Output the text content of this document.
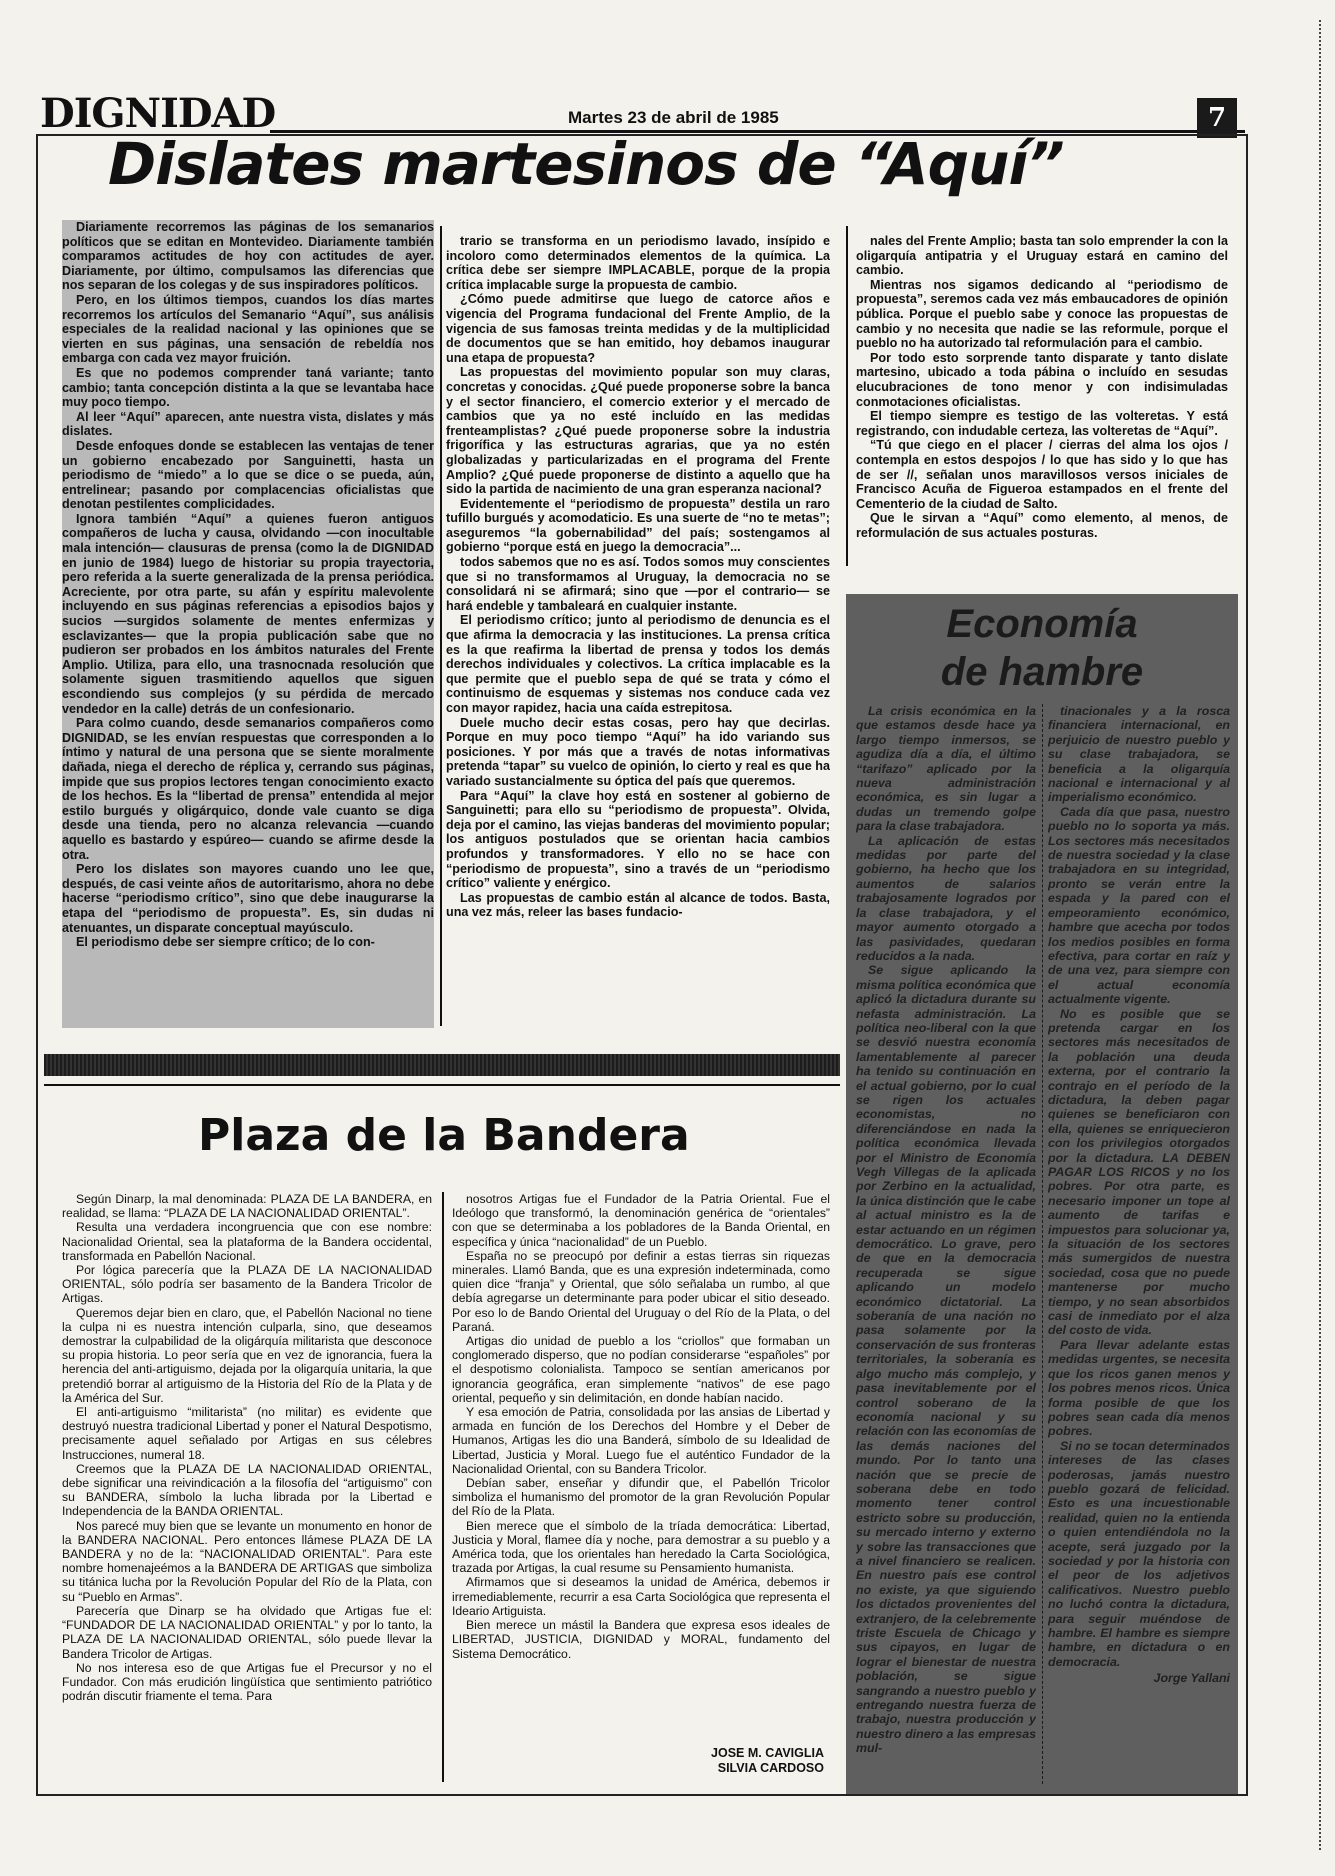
DIGNIDAD	Martes 23 de abril de 1985	7
Dislates martesinos de “Aquí”

Diariamente recorremos las páginas de los semanarios políticos que se editan en Montevideo. Diariamente también comparamos actitudes de hoy con actitudes de ayer. Diariamente, por último, compulsamos las diferencias que nos separan de los colegas y de sus inspiradores políticos.

Pero, en los últimos tiempos, cuandos los días martes recorremos los artículos del Semanario “Aquí”, sus análisis especiales de la realidad nacional y las opiniones que se vierten en sus páginas, una sensación de rebeldía nos embarga con cada vez mayor fruición.

Es que no podemos comprender taná variante; tanto cambio; tanta concepción distinta a la que se levantaba hace muy poco tiempo.

Al leer “Aquí” aparecen, ante nuestra vista, dislates y más dislates.

Desde enfoques donde se establecen las ventajas de tener un gobierno encabezado por Sanguinetti, hasta un periodismo de “miedo” a lo que se dice o se pueda, aún, entrelinear; pasando por complacencias oficialistas que denotan pestilentes complicidades.

Ignora también “Aquí” a quienes fueron antiguos compañeros de lucha y causa, olvidando —con inocultable mala intención— clausuras de prensa (como la de DIGNIDAD en junio de 1984) luego de historiar su propia trayectoria, pero referida a la suerte generalizada de la prensa periódica. Acreciente, por otra parte, su afán y espíritu malevolente incluyendo en sus páginas referencias a episodios bajos y sucios —surgidos solamente de mentes enfermizas y esclavizantes— que la propia publicación sabe que no pudieron ser probados en los ámbitos naturales del Frente Amplio. Utiliza, para ello, una trasnocnada resolución que solamente siguen trasmitiendo aquellos que siguen escondiendo sus complejos (y su pérdida de mercado vendedor en la calle) detrás de un confesionario.

Para colmo cuando, desde semanarios compañeros como DIGNIDAD, se les envían respuestas que corresponden a lo íntimo y natural de una persona que se siente moralmente dañada, niega el derecho de réplica y, cerrando sus páginas, impide que sus propios lectores tengan conocimiento exacto de los hechos. Es la “libertad de prensa” entendida al mejor estilo burgués y oligárquico, donde vale cuanto se diga desde una tienda, pero no alcanza relevancia —cuando aquello es bastardo y espúreo— cuando se afirme desde la otra.

Pero los dislates son mayores cuando uno lee que, después, de casi veinte años de autoritarismo, ahora no debe hacerse “periodismo crítico”, sino que debe inaugurarse la etapa del “periodismo de propuesta”. Es, sin dudas ni atenuantes, un disparate conceptual mayúsculo.

El periodismo debe ser siempre crítico; de lo con-

trario se transforma en un periodismo lavado, insípido e incoloro como determinados elementos de la química. La crítica debe ser siempre IMPLACABLE, porque de la propia crítica implacable surge la propuesta de cambio.

¿Cómo puede admitirse que luego de catorce años e vigencia del Programa fundacional del Frente Amplio, de la vigencia de sus famosas treinta medidas y de la multiplicidad de documentos que se han emitido, hoy debamos inaugurar una etapa de propuesta?

Las propuestas del movimiento popular son muy claras, concretas y conocidas. ¿Qué puede proponerse sobre la banca y el sector financiero, el comercio exterior y el mercado de cambios que ya no esté incluído en las medidas frenteamplistas? ¿Qué puede proponerse sobre la industria frigorífica y las estructuras agrarias, que ya no estén globalizadas y particularizadas en el programa del Frente Amplio? ¿Qué puede proponerse de distinto a aquello que ha sido la partida de nacimiento de una gran esperanza nacional?

Evidentemente el “periodismo de propuesta” destila un raro tufillo burgués y acomodaticio. Es una suerte de “no te metas”; aseguremos “la gobernabilidad” del país; sostengamos al gobierno “porque está en juego la democracia”...

todos sabemos que no es así. Todos somos muy conscientes que si no transformamos al Uruguay, la democracia no se consolidará ni se afirmará; sino que —por el contrario— se hará endeble y tambaleará en cualquier instante.

El periodismo crítico; junto al periodismo de denuncia es el que afirma la democracia y las instituciones. La prensa crítica es la que reafirma la libertad de prensa y todos los demás derechos individuales y colectivos. La crítica implacable es la que permite que el pueblo sepa de qué se trata y cómo el continuismo de esquemas y sistemas nos conduce cada vez con mayor rapidez, hacia una caída estrepitosa.

Duele mucho decir estas cosas, pero hay que decirlas. Porque en muy poco tiempo “Aquí” ha ido variando sus posiciones. Y por más que a través de notas informativas pretenda “tapar” su vuelco de opinión, lo cierto y real es que ha variado sustancialmente su óptica del país que queremos.

Para “Aquí” la clave hoy está en sostener al gobierno de Sanguinetti; para ello su “periodismo de propuesta”. Olvida, deja por el camino, las viejas banderas del movimiento popular; los antiguos postulados que se orientan hacia cambios profundos y transformadores. Y ello no se hace con “periodismo de propuesta”, sino a través de un “periodismo crítico” valiente y enérgico.

Las propuestas de cambio están al alcance de todos. Basta, una vez más, releer las bases fundacio-

nales del Frente Amplio; basta tan solo emprender la con la oligarquía antipatria y el Uruguay estará en camino del cambio.

Mientras nos sigamos dedicando al “periodismo de propuesta”, seremos cada vez más embaucadores de opinión pública. Porque el pueblo sabe y conoce las propuestas de cambio y no necesita que nadie se las reformule, porque el pueblo no ha autorizado tal reformulación para el cambio.

Por todo esto sorprende tanto disparate y tanto dislate martesino, ubicado a toda pábina o incluído en sesudas elucubraciones de tono menor y con indisimuladas conmotaciones oficialistas.

El tiempo siempre es testigo de las volteretas. Y está registrando, con indudable certeza, las volteretas de “Aquí”.

“Tú que ciego en el placer / cierras del alma los ojos / contempla en estos despojos / lo que has sido y lo que has de ser //, señalan unos maravillosos versos iniciales de Francisco Acuña de Figueroa estampados en el frente del Cementerio de la ciudad de Salto.

Que le sirvan a “Aquí” como elemento, al menos, de reformulación de sus actuales posturas.

Economía
de hambre

La crisis económica en la que estamos desde hace ya largo tiempo inmersos, se agudiza día a día, el último “tarifazo” aplicado por la nueva administración económica, es sin lugar a dudas un tremendo golpe para la clase trabajadora.

La aplicación de estas medidas por parte del gobierno, ha hecho que los aumentos de salarios trabajosamente logrados por la clase trabajadora, y el mayor aumento otorgado a las pasividades, quedaran reducidos a la nada.

Se sigue aplicando la misma política económica que aplicó la dictadura durante su nefasta administración. La política neo-liberal con la que se desvió nuestra economía lamentablemente al parecer ha tenido su continuación en el actual gobierno, por lo cual se rigen los actuales economistas, no diferenciándose en nada la política económica llevada por el Ministro de Economía Vegh Villegas de la aplicada por Zerbino en la actualidad, la única distinción que le cabe al actual ministro es la de estar actuando en un régimen democrático. Lo grave, pero de que en la democracia recuperada se sigue aplicando un modelo económico dictatorial. La soberanía de una nación no pasa solamente por la conservación de sus fronteras territoriales, la soberanía es algo mucho más complejo, y pasa inevitablemente por el control soberano de la economía nacional y su relación con las economías de las demás naciones del mundo. Por lo tanto una nación que se precie de soberana debe en todo momento tener control estricto sobre su producción, su mercado interno y externo y sobre las transacciones que a nivel financiero se realicen. En nuestro país ese control no existe, ya que siguiendo los dictados provenientes del extranjero, de la celebremente triste Escuela de Chicago y sus cipayos, en lugar de lograr el bienestar de nuestra población, se sigue sangrando a nuestro pueblo y entregando nuestra fuerza de trabajo, nuestra producción y nuestro dinero a las empresas mul-

tinacionales y a la rosca financiera internacional, en perjuicio de nuestro pueblo y su clase trabajadora, se beneficia a la oligarquía nacional e internacional y al imperialismo económico.

Cada día que pasa, nuestro pueblo no lo soporta ya más. Los sectores más necesitados de nuestra sociedad y la clase trabajadora en su integridad, pronto se verán entre la espada y la pared con el empeoramiento económico, hambre que acecha por todos los medios posibles en forma efectiva, para cortar en raíz y de una vez, para siempre con el actual economía actualmente vigente.

No es posible que se pretenda cargar en los sectores más necesitados de la población una deuda externa, por el contrario la contrajo en el período de la dictadura, la deben pagar quienes se beneficiaron con ella, quienes se enriquecieron con los privilegios otorgados por la dictadura. LA DEBEN PAGAR LOS RICOS y no los pobres. Por otra parte, es necesario imponer un tope al aumento de tarifas e impuestos para solucionar ya, la situación de los sectores más sumergidos de nuestra sociedad, cosa que no puede mantenerse por mucho tiempo, y no sean absorbidos casi de inmediato por el alza del costo de vida.

Para llevar adelante estas medidas urgentes, se necesita que los ricos ganen menos y los pobres menos ricos. Única forma posible de que los pobres sean cada día menos pobres.

Si no se tocan determinados intereses de las clases poderosas, jamás nuestro pueblo gozará de felicidad. Esto es una incuestionable realidad, quien no la entienda o quien entendiéndola no la acepte, será juzgado por la sociedad y por la historia con el peor de los adjetivos calificativos. Nuestro pueblo no luchó contra la dictadura, para seguir muéndose de hambre. El hambre es siempre hambre, en dictadura o en democracia.

Jorge Yallani

Plaza de la Bandera

Según Dinarp, la mal denominada: PLAZA DE LA BANDERA, en realidad, se llama: “PLAZA DE LA NACIONALIDAD ORIENTAL”.

Resulta una verdadera incongruencia que con ese nombre: Nacionalidad Oriental, sea la plataforma de la Bandera occidental, transformada en Pabellón Nacional.

Por lógica parecería que la PLAZA DE LA NACIONALIDAD ORIENTAL, sólo podría ser basamento de la Bandera Tricolor de Artigas.

Queremos dejar bien en claro, que, el Pabellón Nacional no tiene la culpa ni es nuestra intención culparla, sino, que deseamos demostrar la culpabilidad de la oligárquía militarista que desconoce su propia historia. Lo peor sería que en vez de ignorancia, fuera la herencia del anti-artiguismo, dejada por la oligarquía unitaria, la que pretendió borrar al artiguismo de la Historia del Río de la Plata y de la América del Sur.

El anti-artiguismo “militarista” (no militar) es evidente que destruyó nuestra tradicional Libertad y poner el Natural Despotismo, precisamente aquel señalado por Artigas en sus célebres Instrucciones, numeral 18.

Creemos que la PLAZA DE LA NACIONALIDAD ORIENTAL, debe significar una reivindicación a la filosofía del “artiguismo” con su BANDERA, símbolo la lucha librada por la Libertad e Independencia de la BANDA ORIENTAL.

Nos parecé muy bien que se levante un monumento en honor de la BANDERA NACIONAL. Pero entonces llámese PLAZA DE LA BANDERA y no de la: “NACIONALIDAD ORIENTAL”. Para este nombre homenajeémos a la BANDERA DE ARTIGAS que simboliza su titánica lucha por la Revolución Popular del Río de la Plata, con su “Pueblo en Armas”.

Parecería que Dinarp se ha olvidado que Artigas fue el: “FUNDADOR DE LA NACIONALIDAD ORIENTAL” y por lo tanto, la PLAZA DE LA NACIONALIDAD ORIENTAL, sólo puede llevar la Bandera Tricolor de Artigas.

No nos interesa eso de que Artigas fue el Precursor y no el Fundador. Con más erudición lingüística que sentimiento patriótico podrán discutir friamente el tema. Para

nosotros Artigas fue el Fundador de la Patria Oriental. Fue el Ideólogo que transformó, la denominación genérica de “orientales” con que se determinaba a los pobladores de la Banda Oriental, en específica y única “nacionalidad” de un Pueblo.

España no se preocupó por definir a estas tierras sin riquezas minerales. Llamó Banda, que es una expresión indeterminada, como quien dice “franja” y Oriental, que sólo señalaba un rumbo, al que debía agregarse un determinante para poder ubicar el sitio deseado. Por eso lo de Bando Oriental del Uruguay o del Río de la Plata, o del Paraná.

Artigas dio unidad de pueblo a los “criollos” que formaban un conglomerado disperso, que no podían considerarse “españoles” por el despotismo colonialista. Tampoco se sentían americanos por ignorancia geográfica, eran simplemente “nativos” de ese pago oriental, pequeño y sin delimitación, en donde habían nacido.

Y esa emoción de Patria, consolidada por las ansias de Libertad y armada en función de los Derechos del Hombre y el Deber de Humanos, Artigas les dio una Banderá, símbolo de su Idealidad de Libertad, Justicia y Moral. Luego fue el auténtico Fundador de la Nacionalidad Oriental, con su Bandera Tricolor.

Debían saber, enseñar y difundir que, el Pabellón Tricolor simboliza el humanismo del promotor de la gran Revolución Popular del Río de la Plata.

Bien merece que el símbolo de la tríada democrática: Libertad, Justicia y Moral, flamee día y noche, para demostrar a su pueblo y a América toda, que los orientales han heredado la Carta Sociológica, trazada por Artigas, la cual resume su Pensamiento humanista.

Afirmamos que si deseamos la unidad de América, debemos ir irremediablemente, recurrir a esa Carta Sociológica que representa el Ideario Artiguista.

Bien merece un mástil la Bandera que expresa esos ideales de LIBERTAD, JUSTICIA, DIGNIDAD y MORAL, fundamento del Sistema Democrático.

JOSE M. CAVIGLIA
SILVIA CARDOSO
